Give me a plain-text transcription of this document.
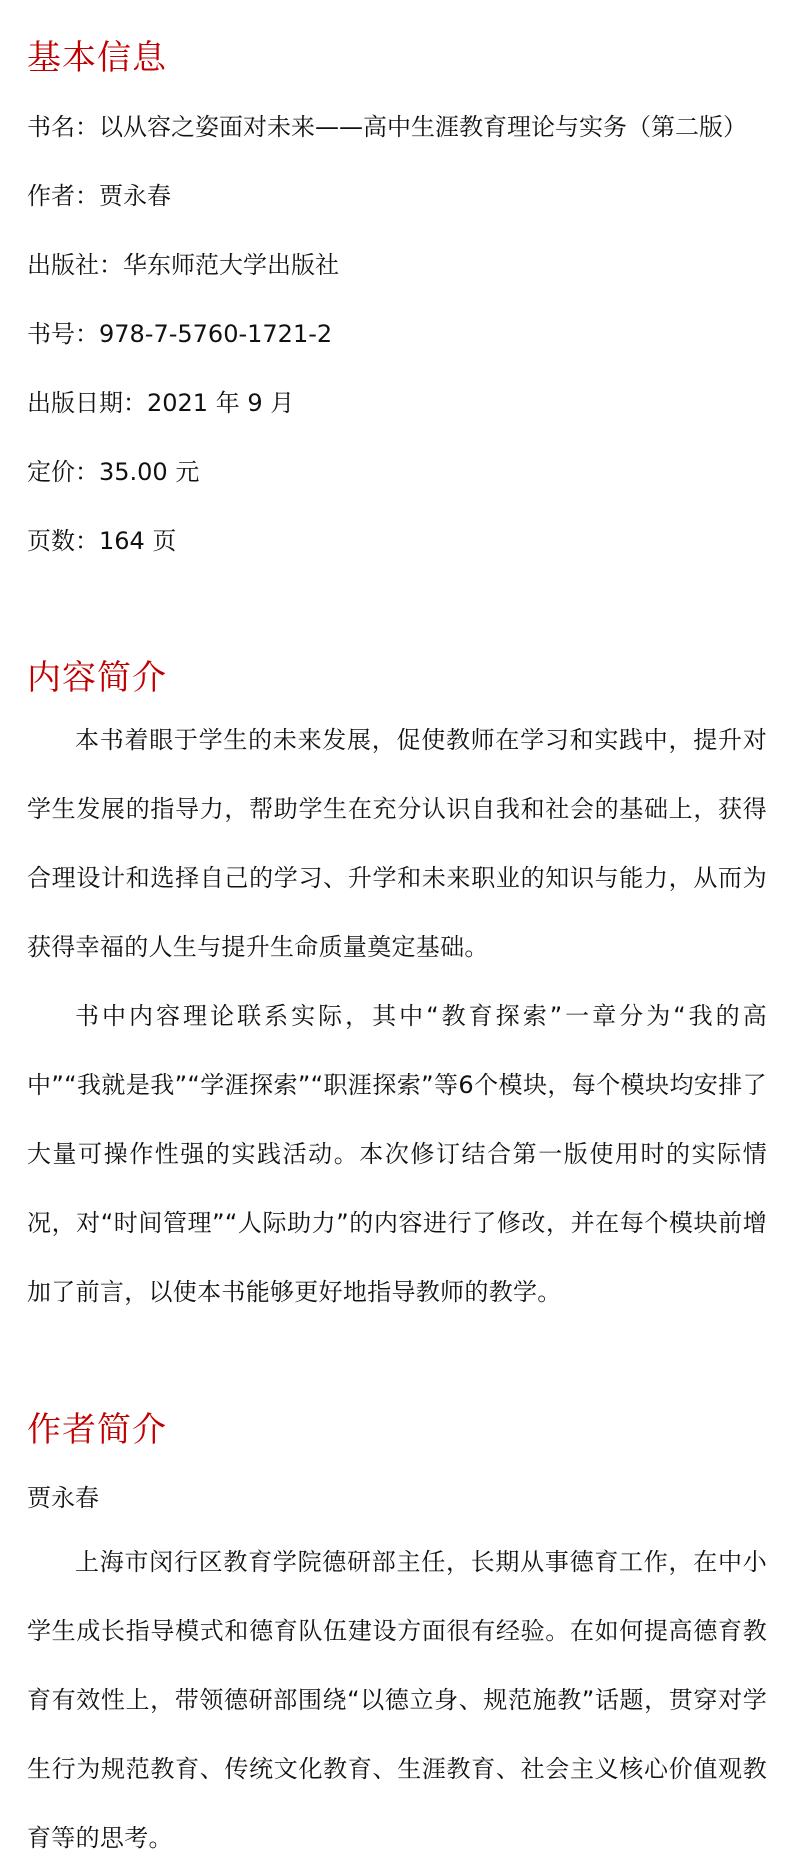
基本信息

书名：以从容之姿面对未来——高中生涯教育理论与实务（第二版）

作者：贾永春

出版社：华东师范大学出版社

书号：978-7-5760-1721-2

出版日期：2021 年 9 月

定价：35.00 元

页数：164 页

内容简介

本书着眼于学生的未来发展，促使教师在学习和实践中，提升对学生发展的指导力，帮助学生在充分认识自我和社会的基础上，获得合理设计和选择自己的学习、升学和未来职业的知识与能力，从而为获得幸福的人生与提升生命质量奠定基础。

书中内容理论联系实际，其中“教育探索”一章分为“我的高中”“我就是我”“学涯探索”“职涯探索”等6个模块，每个模块均安排了大量可操作性强的实践活动。本次修订结合第一版使用时的实际情况，对“时间管理”“人际助力”的内容进行了修改，并在每个模块前增加了前言，以使本书能够更好地指导教师的教学。

作者简介

贾永春

上海市闵行区教育学院德研部主任，长期从事德育工作，在中小学生成长指导模式和德育队伍建设方面很有经验。在如何提高德育教育有效性上，带领德研部围绕“以德立身、规范施教”话题，贯穿对学生行为规范教育、传统文化教育、生涯教育、社会主义核心价值观教育等的思考。
